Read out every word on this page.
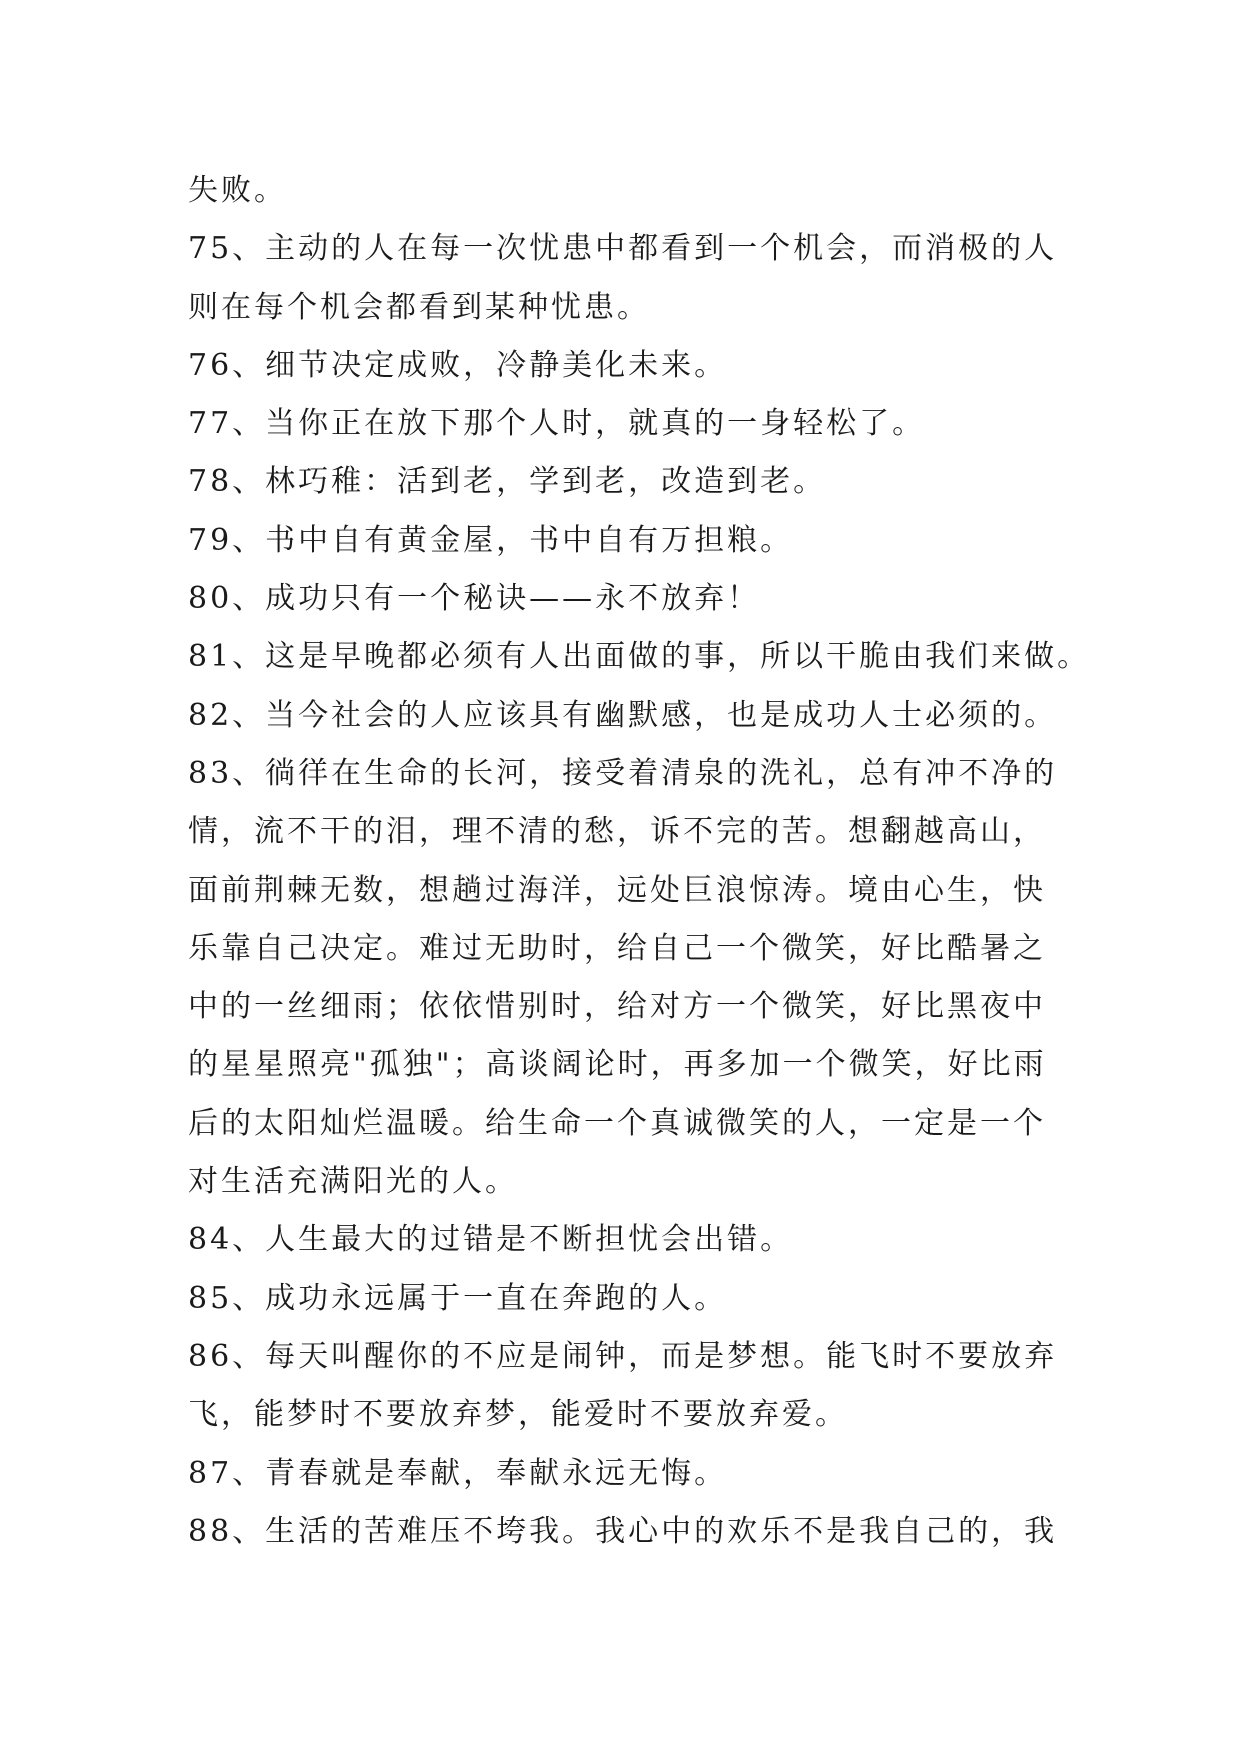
失败。
75、主动的人在每一次忧患中都看到一个机会，而消极的人
则在每个机会都看到某种忧患。
76、细节决定成败，冷静美化未来。
77、当你正在放下那个人时，就真的一身轻松了。
78、林巧稚：活到老，学到老，改造到老。
79、书中自有黄金屋，书中自有万担粮。
80、成功只有一个秘诀——永不放弃！
81、这是早晚都必须有人出面做的事，所以干脆由我们来做。
82、当今社会的人应该具有幽默感，也是成功人士必须的。
83、徜徉在生命的长河，接受着清泉的洗礼，总有冲不净的
情，流不干的泪，理不清的愁，诉不完的苦。想翻越高山，
面前荆棘无数，想趟过海洋，远处巨浪惊涛。境由心生，快
乐靠自己决定。难过无助时，给自己一个微笑，好比酷暑之
中的一丝细雨；依依惜别时，给对方一个微笑，好比黑夜中
的星星照亮"孤独"；高谈阔论时，再多加一个微笑，好比雨
后的太阳灿烂温暖。给生命一个真诚微笑的人，一定是一个
对生活充满阳光的人。
84、人生最大的过错是不断担忧会出错。
85、成功永远属于一直在奔跑的人。
86、每天叫醒你的不应是闹钟，而是梦想。能飞时不要放弃
飞，能梦时不要放弃梦，能爱时不要放弃爱。
87、青春就是奉献，奉献永远无悔。
88、生活的苦难压不垮我。我心中的欢乐不是我自己的，我
